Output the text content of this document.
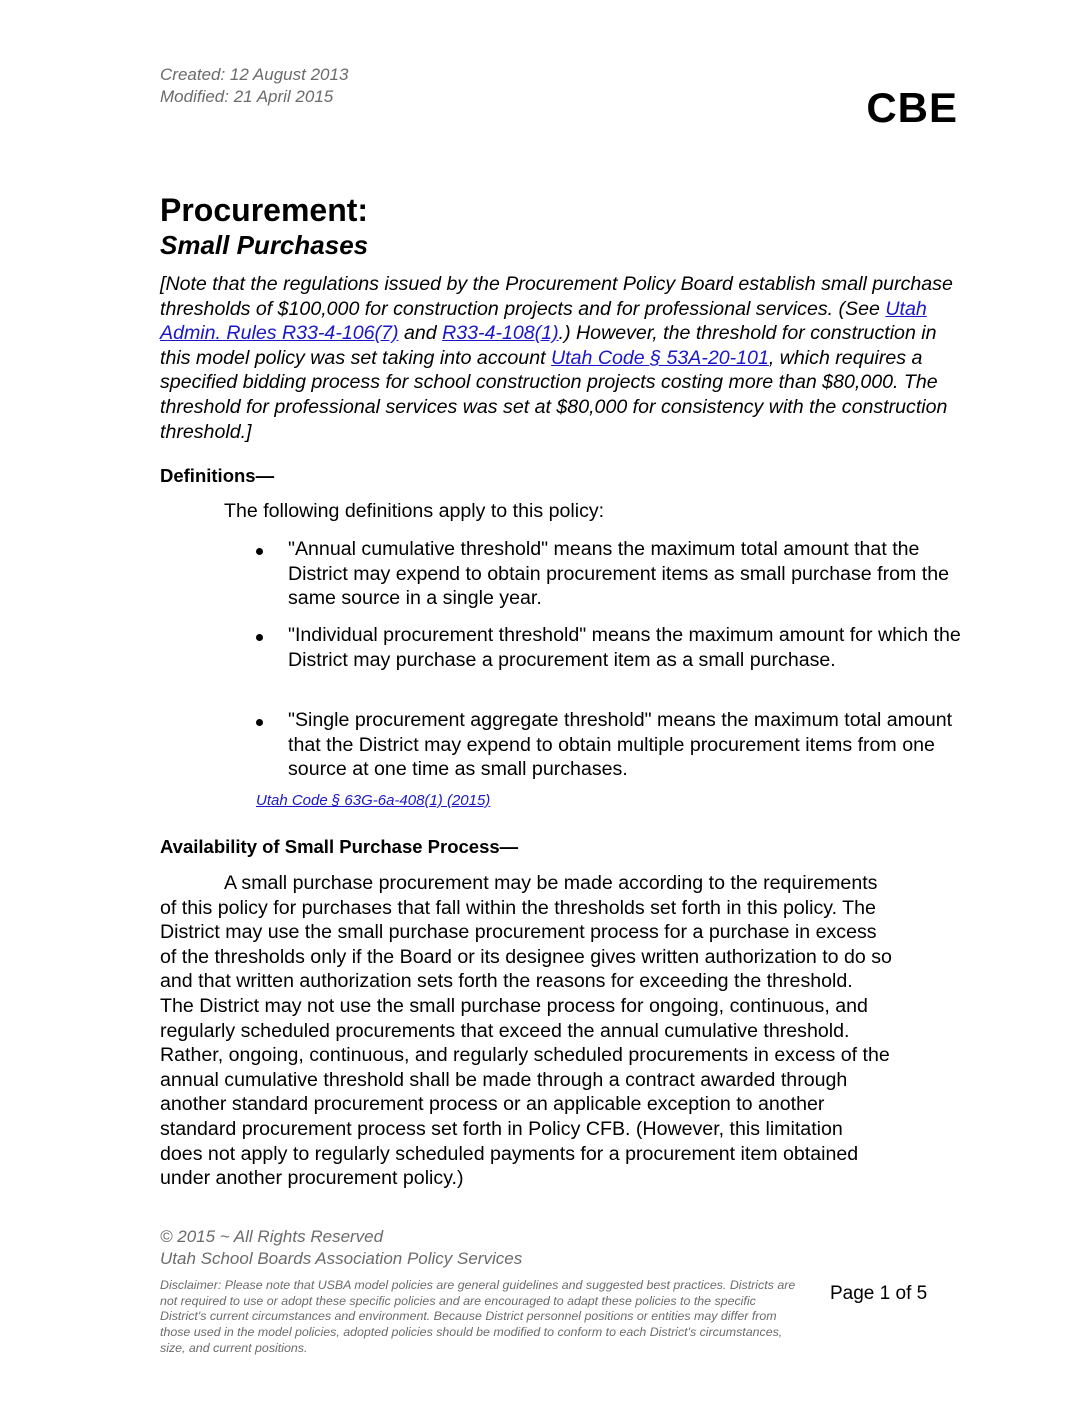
Created: 12 August 2013
Modified: 21 April 2015	CBE
Procurement:
Small Purchases
[Note that the regulations issued by the Procurement Policy Board establish small purchase thresholds of $100,000 for construction projects and for professional services. (See Utah Admin. Rules R33-4-106(7) and R33-4-108(1).) However, the threshold for construction in this model policy was set taking into account Utah Code § 53A-20-101, which requires a specified bidding process for school construction projects costing more than $80,000. The threshold for professional services was set at $80,000 for consistency with the construction threshold.]
Definitions—
The following definitions apply to this policy:
"Annual cumulative threshold" means the maximum total amount that the District may expend to obtain procurement items as small purchase from the same source in a single year.
"Individual procurement threshold" means the maximum amount for which the District may purchase a procurement item as a small purchase.
"Single procurement aggregate threshold" means the maximum total amount that the District may expend to obtain multiple procurement items from one source at one time as small purchases.
Utah Code § 63G-6a-408(1) (2015)
Availability of Small Purchase Process—
A small purchase procurement may be made according to the requirements
of this policy for purchases that fall within the thresholds set forth in this policy. The
District may use the small purchase procurement process for a purchase in excess
of the thresholds only if the Board or its designee gives written authorization to do so
and that written authorization sets forth the reasons for exceeding the threshold.
The District may not use the small purchase process for ongoing, continuous, and
regularly scheduled procurements that exceed the annual cumulative threshold.
Rather, ongoing, continuous, and regularly scheduled procurements in excess of the
annual cumulative threshold shall be made through a contract awarded through
another standard procurement process or an applicable exception to another
standard procurement process set forth in Policy CFB. (However, this limitation
does not apply to regularly scheduled payments for a procurement item obtained
under another procurement policy.)
© 2015 ~ All Rights Reserved
Utah School Boards Association Policy Services
Disclaimer: Please note that USBA model policies are general guidelines and suggested best practices. Districts are not required to use or adopt these specific policies and are encouraged to adapt these policies to the specific District's current circumstances and environment. Because District personnel positions or entities may differ from those used in the model policies, adopted policies should be modified to conform to each District's circumstances, size, and current positions.
Page 1 of 5
